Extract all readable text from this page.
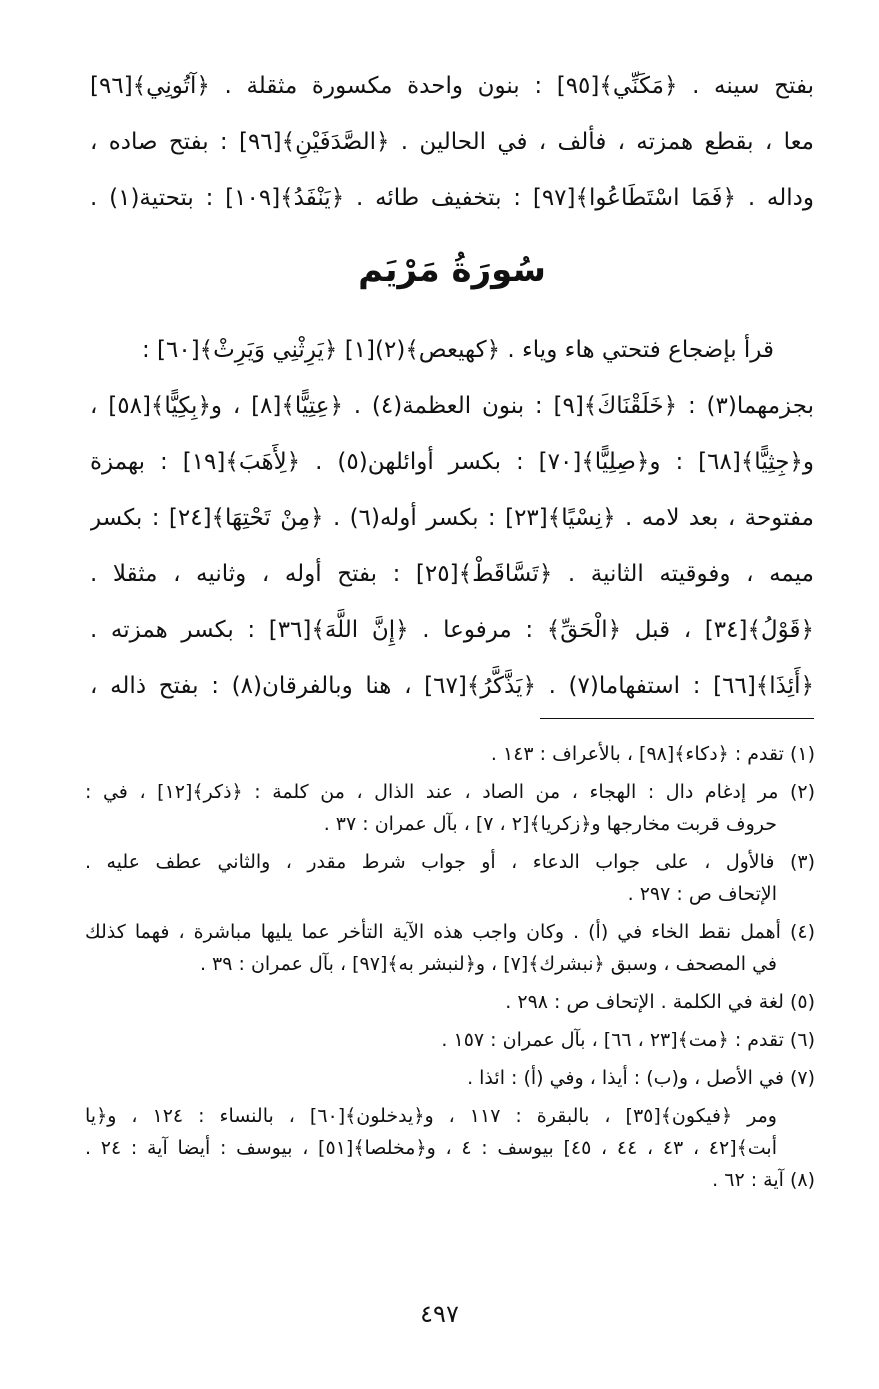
بفتح سينه . ﴿مَكَنِّي﴾[٩٥] : بنون واحدة مكسورة مثقلة . ﴿آتُونِي﴾[٩٦]
معا ، بقطع همزته ، فألف ، في الحالين . ﴿الصَّدَفَيْنِ﴾[٩٦] : بفتح صاده ،
وداله . ﴿فَمَا اسْتَطَاعُوا﴾[٩٧] : بتخفيف طائه . ﴿يَنْفَدُ﴾[١٠٩] : بتحتية(١) .
سُورَةُ مَرْيَم
قرأ بإضجاع فتحتي هاء وياء . ﴿كهيعص﴾(٢)[١] ﴿يَرِثْنِي وَيَرِثْ﴾[٦٠] :
بجزمهما(٣) : ﴿خَلَقْنَاكَ﴾[٩] : بنون العظمة(٤) . ﴿عِتِيًّا﴾[٨] ، و﴿بِكِيًّا﴾[٥٨] ،
و﴿جِثِيًّا﴾[٦٨] : و﴿صِلِيًّا﴾[٧٠] : بكسر أوائلهن(٥) . ﴿لِأَهَبَ﴾[١٩] : بهمزة
مفتوحة ، بعد لامه . ﴿نِسْيًا﴾[٢٣] : بكسر أوله(٦) . ﴿مِنْ تَحْتِهَا﴾[٢٤] : بكسر
ميمه ، وفوقيته الثانية . ﴿تَسَّاقَطْ﴾[٢٥] : بفتح أوله ، وثانيه ، مثقلا .
﴿قَوْلُ﴾[٣٤] ، قبل ﴿الْحَقِّ﴾ : مرفوعا . ﴿إِنَّ اللَّهَ﴾[٣٦] : بكسر همزته .
﴿أَئِذَا﴾[٦٦] : استفهاما(٧) . ﴿يَذَّكَّرُ﴾[٦٧] ، هنا وبالفرقان(٨) : بفتح ذاله ،
(١) تقدم : ﴿دكاء﴾[٩٨] ، بالأعراف : ١٤٣ .
(٢) مر إدغام دال : الهجاء ، من الصاد ، عند الذال ، من كلمة : ﴿ذكر﴾[١٢] ، في :
حروف قربت مخارجها و﴿زكريا﴾[٢ ، ٧] ، بآل عمران : ٣٧ .
(٣) فالأول ، على جواب الدعاء ، أو جواب شرط مقدر ، والثاني عطف عليه .
الإتحاف ص : ٢٩٧ .
(٤) أهمل نقط الخاء في (أ) . وكان واجب هذه الآية التأخر عما يليها مباشرة ، فهما كذلك
في المصحف ، وسبق ﴿نبشرك﴾[٧] ، و﴿لنبشر به﴾[٩٧] ، بآل عمران : ٣٩ .
(٥) لغة في الكلمة . الإتحاف ص : ٢٩٨ .
(٦) تقدم : ﴿مت﴾[٢٣ ، ٦٦] ، بآل عمران : ١٥٧ .
(٧) في الأصل ، و(ب) : أيذا ، وفي (أ) : ائذا .
ومر ﴿فيكون﴾[٣٥] ، بالبقرة : ١١٧ ، و﴿يدخلون﴾[٦٠] ، بالنساء : ١٢٤ ، و﴿يا
أبت﴾[٤٢ ، ٤٣ ، ٤٤ ، ٤٥] بيوسف : ٤ ، و﴿مخلصا﴾[٥١] ، بيوسف : أيضا آية : ٢٤ .
(٨) آية : ٦٢ .
٤٩٧
